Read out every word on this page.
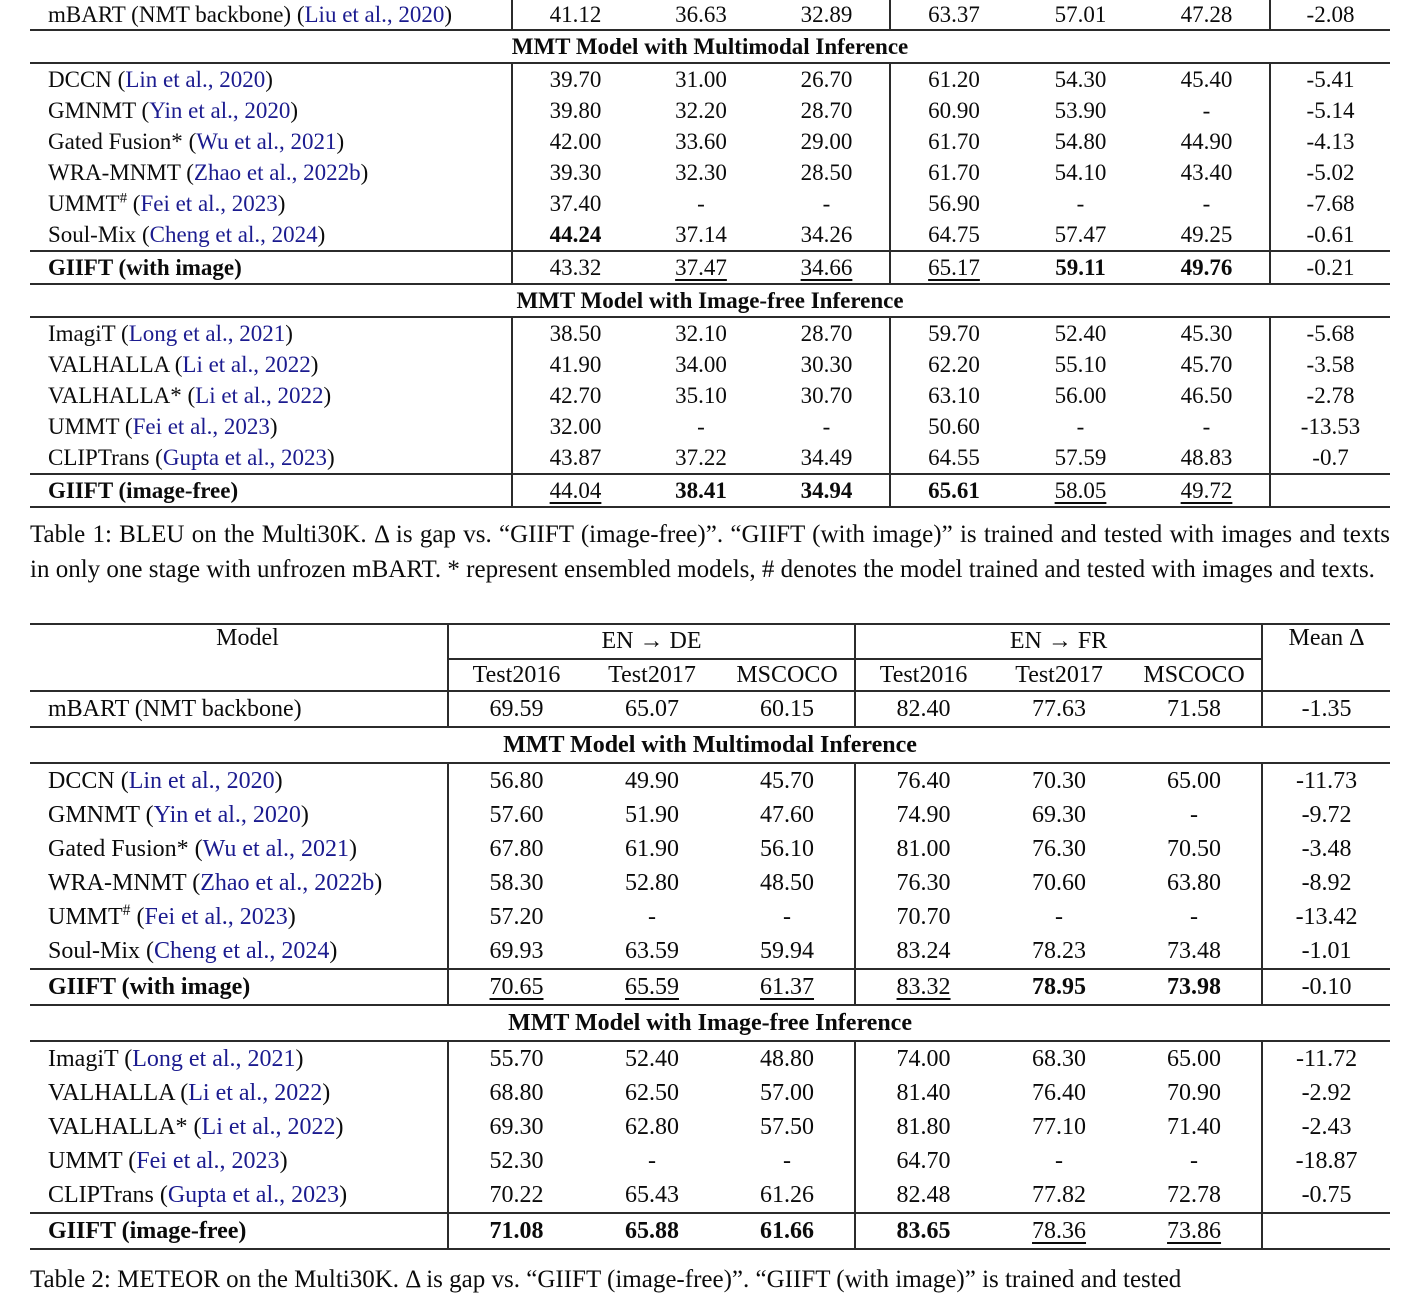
mBART (NMT backbone) (Liu et al., 2020)	41.12	36.63	32.89	63.37	57.01	47.28	-2.08
MMT Model with Multimodal Inference							
DCCN (Lin et al., 2020)	39.70	31.00	26.70	61.20	54.30	45.40	-5.41
GMNMT (Yin et al., 2020)	39.80	32.20	28.70	60.90	53.90	-	-5.14
Gated Fusion* (Wu et al., 2021)	42.00	33.60	29.00	61.70	54.80	44.90	-4.13
WRA-MNMT (Zhao et al., 2022b)	39.30	32.30	28.50	61.70	54.10	43.40	-5.02
UMMT# (Fei et al., 2023)	37.40	-	-	56.90	-	-	-7.68
Soul-Mix (Cheng et al., 2024)	44.24	37.14	34.26	64.75	57.47	49.25	-0.61
GIIFT (with image)	43.32	37.47	34.66	65.17	59.11	49.76	-0.21
MMT Model with Image-free Inference							
ImagiT (Long et al., 2021)	38.50	32.10	28.70	59.70	52.40	45.30	-5.68
VALHALLA (Li et al., 2022)	41.90	34.00	30.30	62.20	55.10	45.70	-3.58
VALHALLA* (Li et al., 2022)	42.70	35.10	30.70	63.10	56.00	46.50	-2.78
UMMT (Fei et al., 2023)	32.00	-	-	50.60	-	-	-13.53
CLIPTrans (Gupta et al., 2023)	43.87	37.22	34.49	64.55	57.59	48.83	-0.7
GIIFT (image-free)	44.04	38.41	34.94	65.61	58.05	49.72	

Table 1: BLEU on the Multi30K. Δ is gap vs. “GIIFT (image-free)”. “GIIFT (with image)” is trained and tested with images and texts in only one stage with unfrozen mBART. * represent ensembled models, # denotes the model trained and tested with images and texts.

Model	EN → DE			EN → FR			Mean Δ
	Test2016	Test2017	MSCOCO	Test2016	Test2017	MSCOCO	
mBART (NMT backbone)	69.59	65.07	60.15	82.40	77.63	71.58	-1.35
MMT Model with Multimodal Inference							
DCCN (Lin et al., 2020)	56.80	49.90	45.70	76.40	70.30	65.00	-11.73
GMNMT (Yin et al., 2020)	57.60	51.90	47.60	74.90	69.30	-	-9.72
Gated Fusion* (Wu et al., 2021)	67.80	61.90	56.10	81.00	76.30	70.50	-3.48
WRA-MNMT (Zhao et al., 2022b)	58.30	52.80	48.50	76.30	70.60	63.80	-8.92
UMMT# (Fei et al., 2023)	57.20	-	-	70.70	-	-	-13.42
Soul-Mix (Cheng et al., 2024)	69.93	63.59	59.94	83.24	78.23	73.48	-1.01
GIIFT (with image)	70.65	65.59	61.37	83.32	78.95	73.98	-0.10
MMT Model with Image-free Inference							
ImagiT (Long et al., 2021)	55.70	52.40	48.80	74.00	68.30	65.00	-11.72
VALHALLA (Li et al., 2022)	68.80	62.50	57.00	81.40	76.40	70.90	-2.92
VALHALLA* (Li et al., 2022)	69.30	62.80	57.50	81.80	77.10	71.40	-2.43
UMMT (Fei et al., 2023)	52.30	-	-	64.70	-	-	-18.87
CLIPTrans (Gupta et al., 2023)	70.22	65.43	61.26	82.48	77.82	72.78	-0.75
GIIFT (image-free)	71.08	65.88	61.66	83.65	78.36	73.86	

Table 2: METEOR on the Multi30K. Δ is gap vs. “GIIFT (image-free)”. “GIIFT (with image)” is trained and tested
